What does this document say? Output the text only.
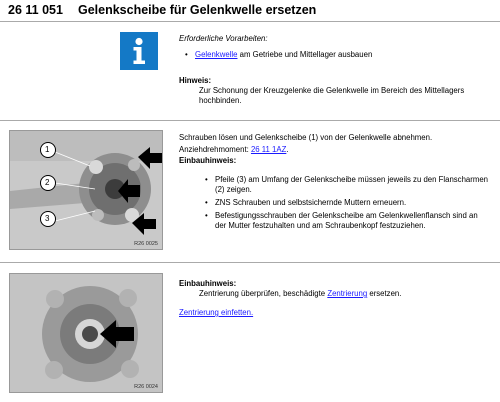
26 11 051 Gelenkscheibe für Gelenkwelle ersetzen
Erforderliche Vorarbeiten:
• Gelenkwelle am Getriebe und Mittellager ausbauen
Hinweis:
Zur Schonung der Kreuzgelenke die Gelenkwelle im Bereich des Mittellagers hochbinden.
1
2
3
R26 0025
Schrauben lösen und Gelenkscheibe (1) von der Gelenkwelle abnehmen.
Anziehdrehmoment: 26 11 1AZ.
Einbauhinweis:
• Pfeile (3) am Umfang der Gelenkscheibe müssen jeweils zu den Flanscharmen (2) zeigen.
• ZNS Schrauben und selbstsichernde Muttern erneuern.
• Befestigungsschrauben der Gelenkscheibe am Gelenkwellenflansch sind an der Mutter festzuhalten und am Schraubenkopf festzuziehen.
R26 0024
Einbauhinweis:
Zentrierung überprüfen, beschädigte Zentrierung ersetzen.
Zentrierung einfetten.
